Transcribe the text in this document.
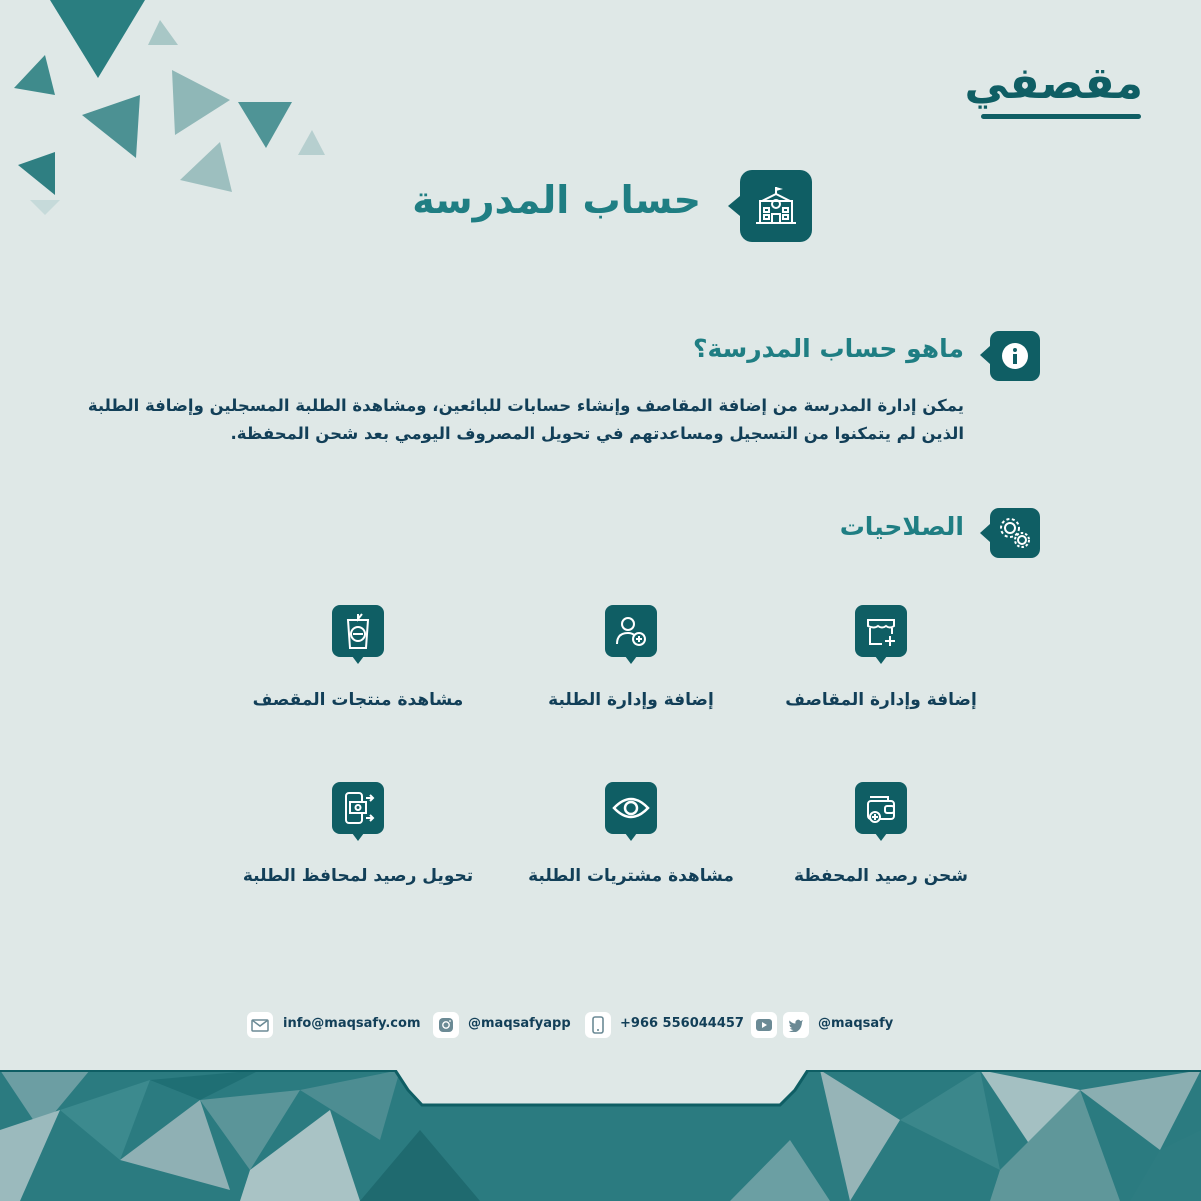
مقصفي
حساب المدرسة
ماهو حساب المدرسة؟
يمكن إدارة المدرسة من إضافة المقاصف وإنشاء حسابات للبائعين، ومشاهدة الطلبة المسجلين وإضافة الطلبة الذين لم يتمكنوا من التسجيل ومساعدتهم في تحويل المصروف اليومي بعد شحن المحفظة.
الصلاحيات
إضافة وإدارة المقاصف
إضافة وإدارة الطلبة
مشاهدة منتجات المقصف
شحن رصيد المحفظة
مشاهدة مشتريات الطلبة
تحويل رصيد لمحافظ الطلبة
@maqsafy
+966 556044457
@maqsafyapp
info@maqsafy.com
